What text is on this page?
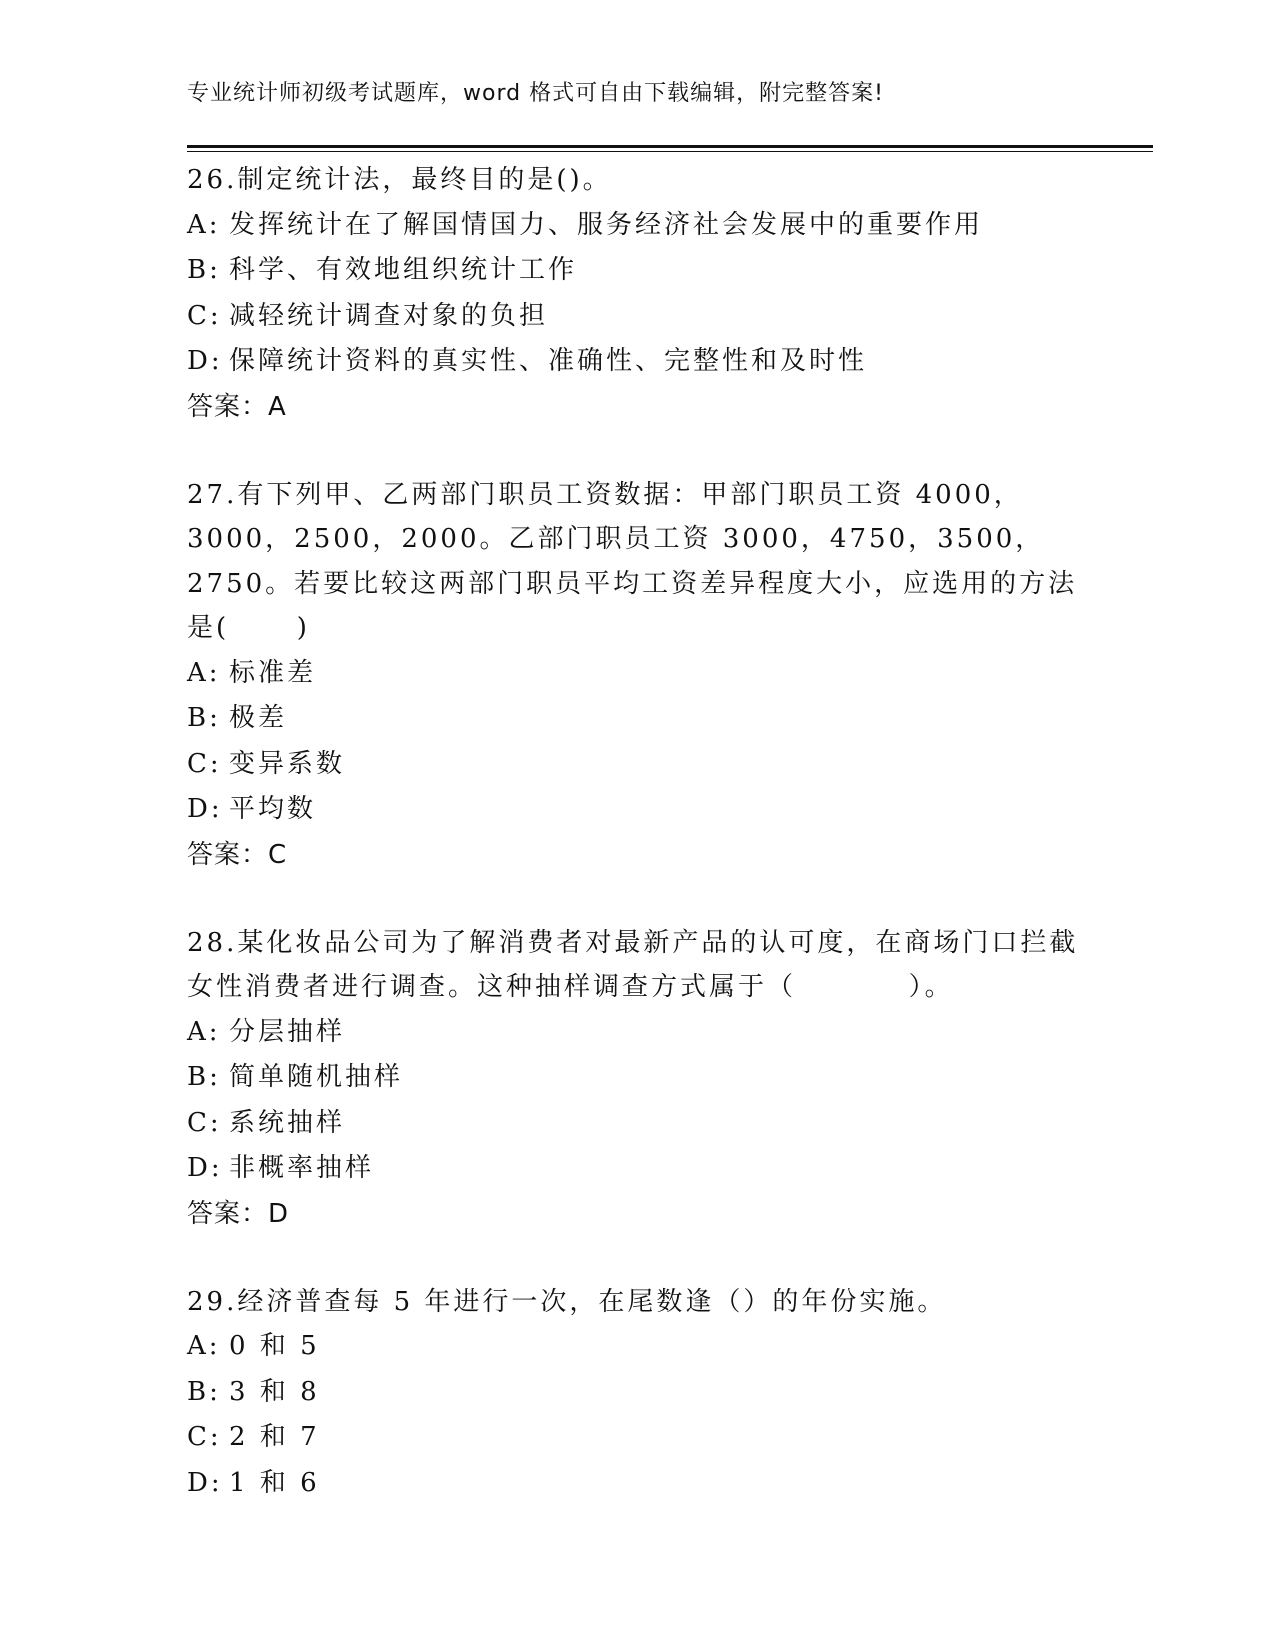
专业统计师初级考试题库，word 格式可自由下载编辑，附完整答案!

26.制定统计法，最终目的是()。

A: 发挥统计在了解国情国力、服务经济社会发展中的重要作用
B: 科学、有效地组织统计工作
C: 减轻统计调查对象的负担
D: 保障统计资料的真实性、准确性、完整性和及时性
答案：A

27.有下列甲、乙两部门职员工资数据：甲部门职员工资 4000，3000，2500，2000。乙部门职员工资 3000，4750，3500，2750。若要比较这两部门职员平均工资差异程度大小，应选用的方法是(      )

A: 标准差
B: 极差
C: 变异系数
D: 平均数
答案：C

28.某化妆品公司为了解消费者对最新产品的认可度，在商场门口拦截女性消费者进行调查。这种抽样调查方式属于（          ）。

A: 分层抽样
B: 简单随机抽样
C: 系统抽样
D: 非概率抽样
答案：D

29.经济普查每 5 年进行一次，在尾数逢（）的年份实施。

A: 0 和 5
B: 3 和 8
C: 2 和 7
D: 1 和 6
